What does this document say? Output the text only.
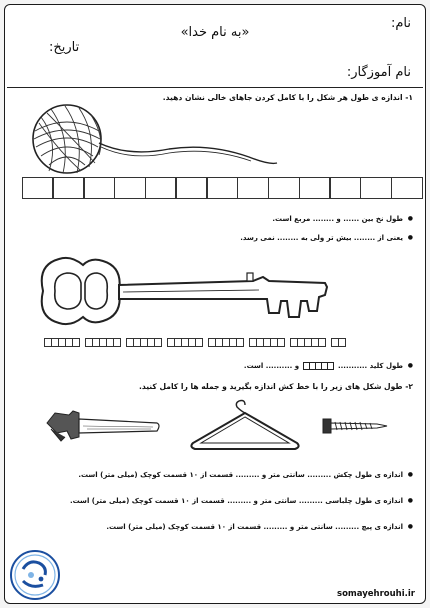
«به نام خدا»
نام:
تاریخ:
نام آموزگار:
۱- اندازه ی طول هر شکل را با کامل کردن جاهای خالی نشان دهید.
طول نخ بین ...... و ........ مربع است. ●
یعنی از ........ بیش تر ولی به ........ نمی رسد. ●
طول کلید ...........
و .......... است. ●
۲- طول شکل های زیر را با خط کش اندازه بگیرید و جمله ها را کامل کنید.
اندازه ی طول چکش ......... سانتی متر و ......... قسمت از ۱۰ قسمت کوچک (میلی متر) است. ●
اندازه ی طول چلباسی ......... سانتی متر و ......... قسمت از ۱۰ قسمت کوچک (میلی متر) است. ●
اندازه ی پیچ ......... سانتی متر و ......... قسمت از ۱۰ قسمت کوچک (میلی متر) است. ●
somayehrouhi.ir
